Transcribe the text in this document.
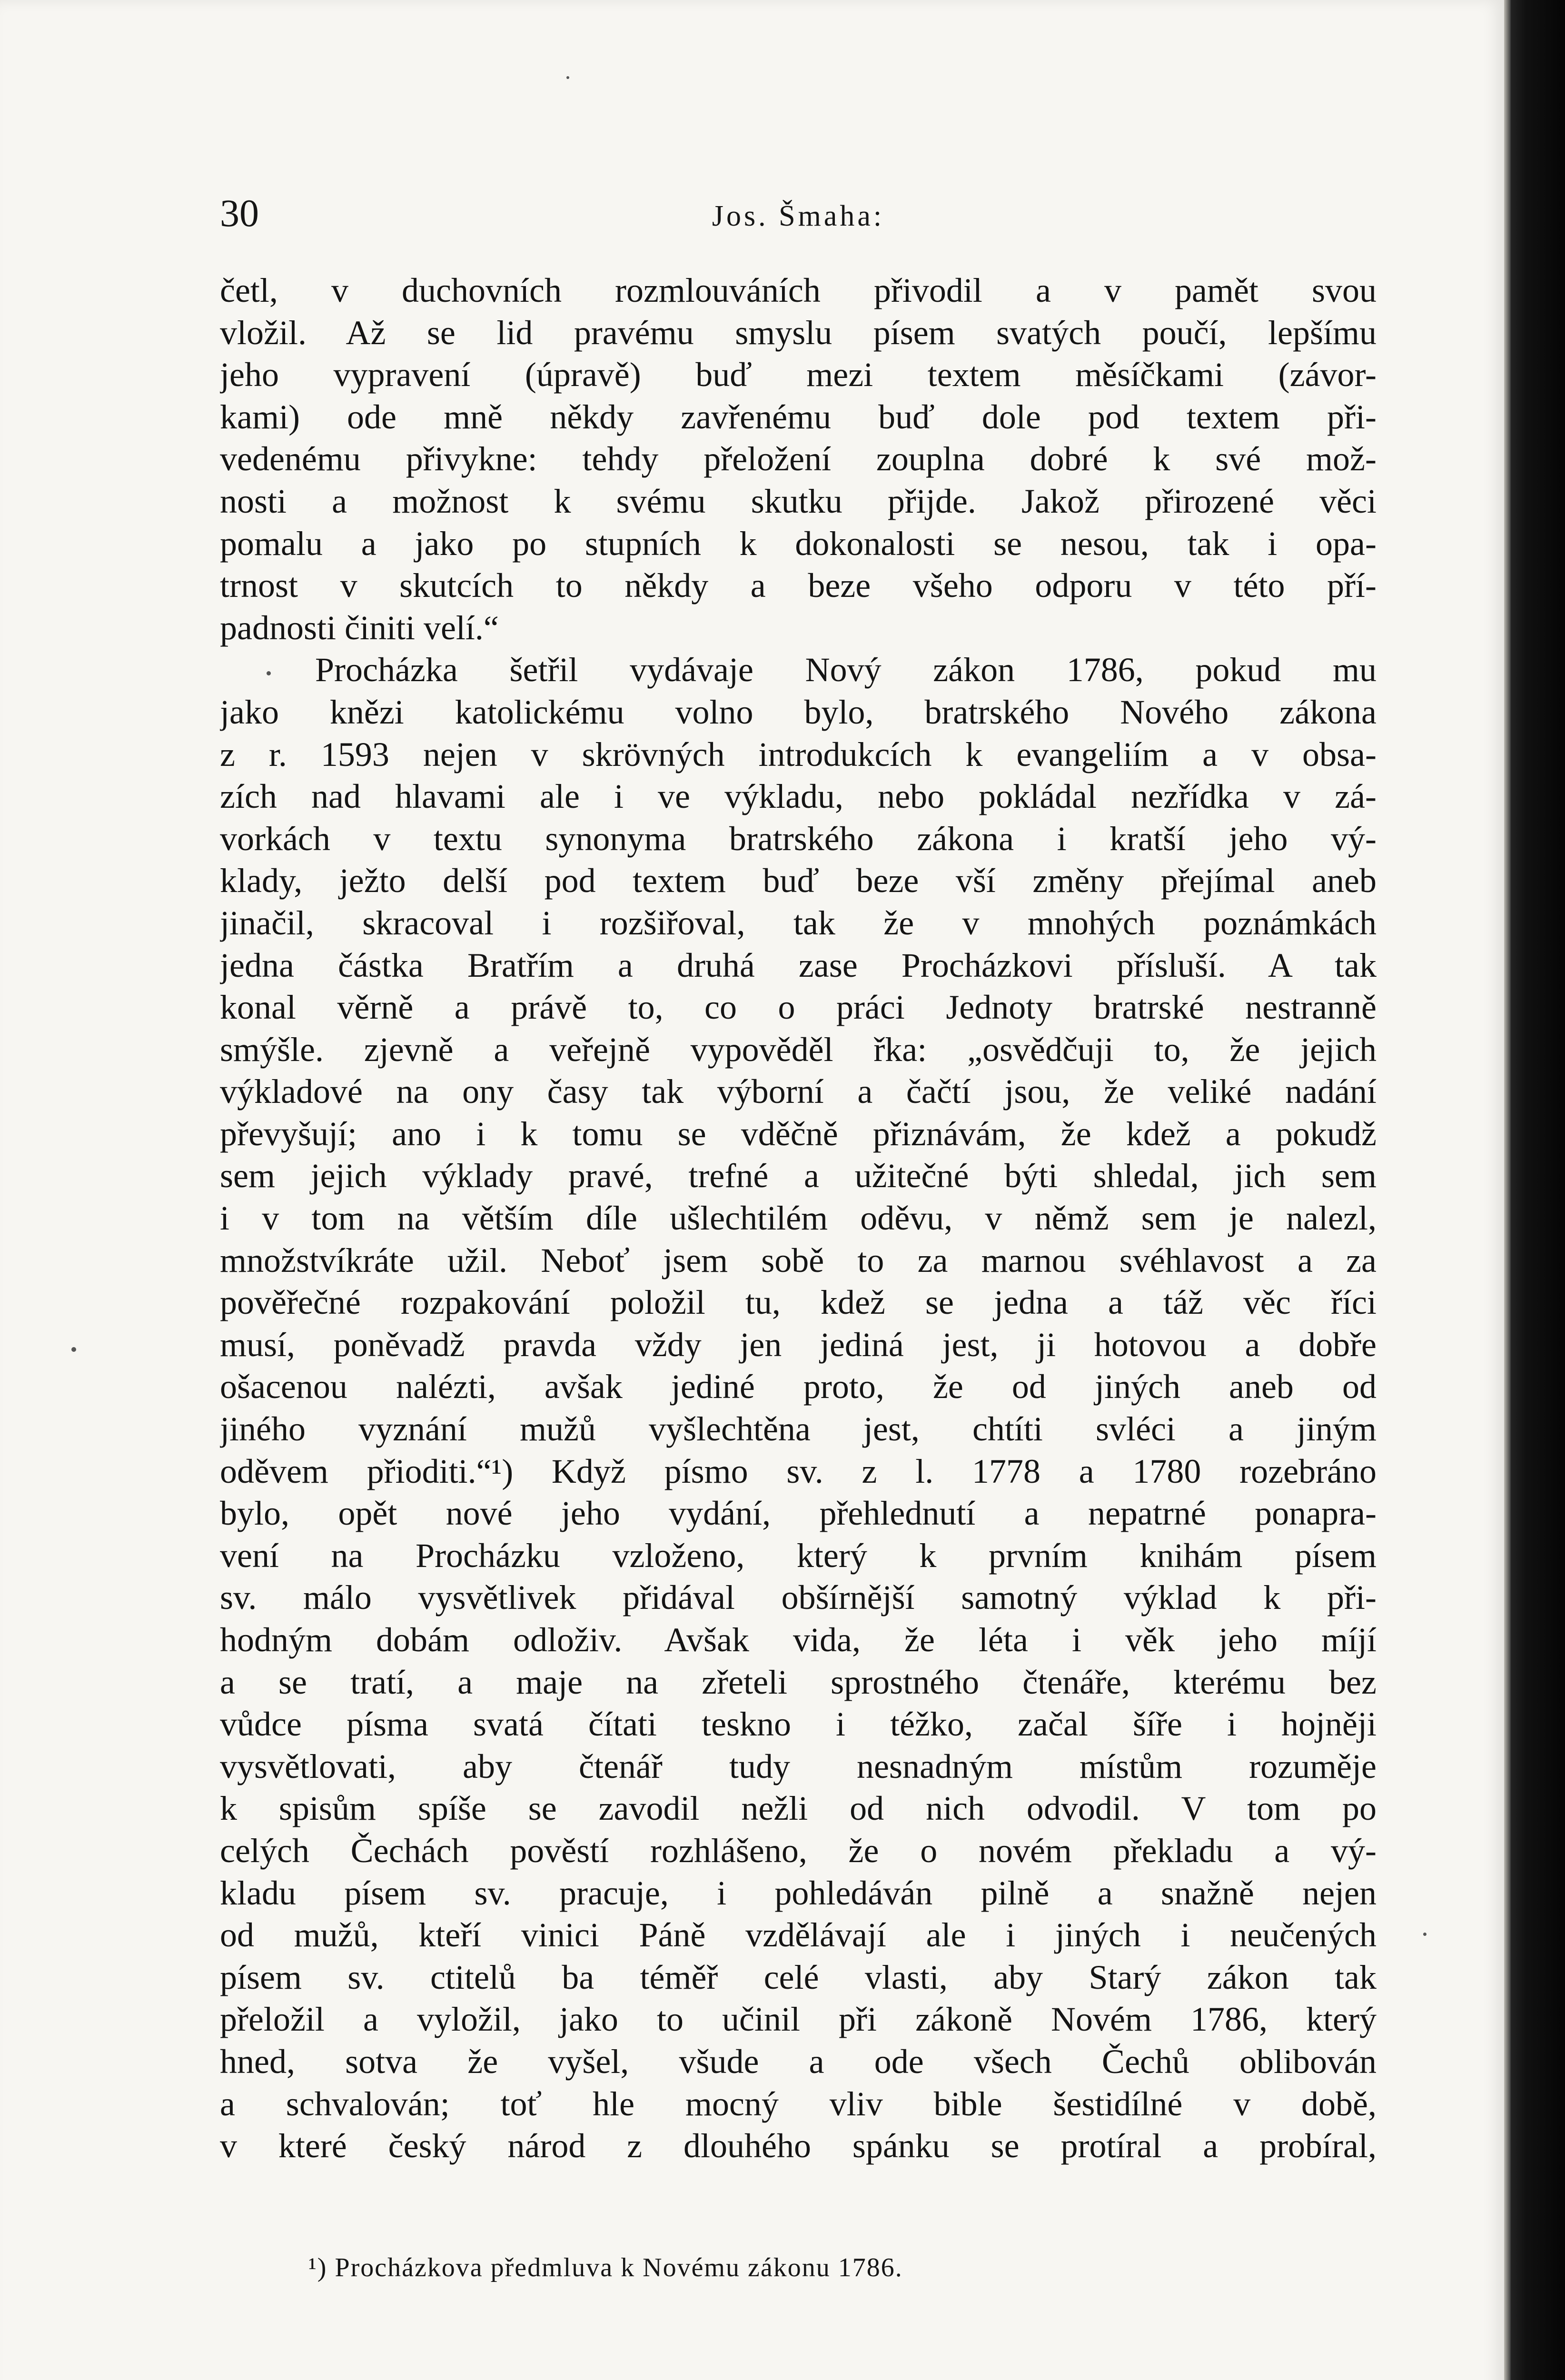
30	Jos. Šmaha:
četl, v duchovních rozmlouváních přivodil a v pamět svou
vložil. Až se lid pravému smyslu písem svatých poučí, lepšímu
jeho vypravení (úpravě) buď mezi textem měsíčkami (závor-
kami) ode mně někdy zavřenému buď dole pod textem při-
vedenému přivykne: tehdy přeložení zouplna dobré k své mož-
nosti a možnost k svému skutku přijde. Jakož přirozené věci
pomalu a jako po stupních k dokonalosti se nesou, tak i opa-
trnost v skutcích to někdy a beze všeho odporu v této pří-
padnosti činiti velí.“
Procházka šetřil vydávaje Nový zákon 1786, pokud mu
jako knězi katolickému volno bylo, bratrského Nového zákona
z r. 1593 nejen v skrövných introdukcích k evangeliím a v obsa-
zích nad hlavami ale i ve výkladu, nebo pokládal nezřídka v zá-
vorkách v textu synonyma bratrského zákona i kratší jeho vý-
klady, ježto delší pod textem buď beze vší změny přejímal aneb
jinačil, skracoval i rozšiřoval, tak že v mnohých poznámkách
jedna částka Bratřím a druhá zase Procházkovi přísluší. A tak
konal věrně a právě to, co o práci Jednoty bratrské nestranně
smýšle. zjevně a veřejně vypověděl řka: „osvědčuji to, že jejich
výkladové na ony časy tak výborní a čačtí jsou, že veliké nadání
převyšují; ano i k tomu se vděčně přiznávám, že kdež a pokudž
sem jejich výklady pravé, trefné a užitečné býti shledal, jich sem
i v tom na větším díle ušlechtilém oděvu, v němž sem je nalezl,
množstvíkráte užil. Neboť jsem sobě to za marnou svéhlavost a za
pověřečné rozpakování položil tu, kdež se jedna a táž věc říci
musí, poněvadž pravda vždy jen jediná jest, ji hotovou a dobře
ošacenou nalézti, avšak jediné proto, že od jiných aneb od
jiného vyznání mužů vyšlechtěna jest, chtíti svléci a jiným
oděvem přioditi.“¹) Když písmo sv. z l. 1778 a 1780 rozebráno
bylo, opět nové jeho vydání, přehlednutí a nepatrné ponapra-
vení na Procházku vzloženo, který k prvním knihám písem
sv. málo vysvětlivek přidával obšírnější samotný výklad k při-
hodným dobám odloživ. Avšak vida, že léta i věk jeho míjí
a se tratí, a maje na zřeteli sprostného čtenáře, kterému bez
vůdce písma svatá čítati teskno i téžko, začal šíře i hojněji
vysvětlovati, aby čtenář tudy nesnadným místům rozuměje
k spisům spíše se zavodil nežli od nich odvodil. V tom po
celých Čechách pověstí rozhlášeno, že o novém překladu a vý-
kladu písem sv. pracuje, i pohledáván pilně a snažně nejen
od mužů, kteří vinici Páně vzdělávají ale i jiných i neučených
písem sv. ctitelů ba téměř celé vlasti, aby Starý zákon tak
přeložil a vyložil, jako to učinil při zákoně Novém 1786, který
hned, sotva že vyšel, všude a ode všech Čechů oblibován
a schvalován; toť hle mocný vliv bible šestidílné v době,
v které český národ z dlouhého spánku se protíral a probíral,
¹) Procházkova předmluva k Novému zákonu 1786.
